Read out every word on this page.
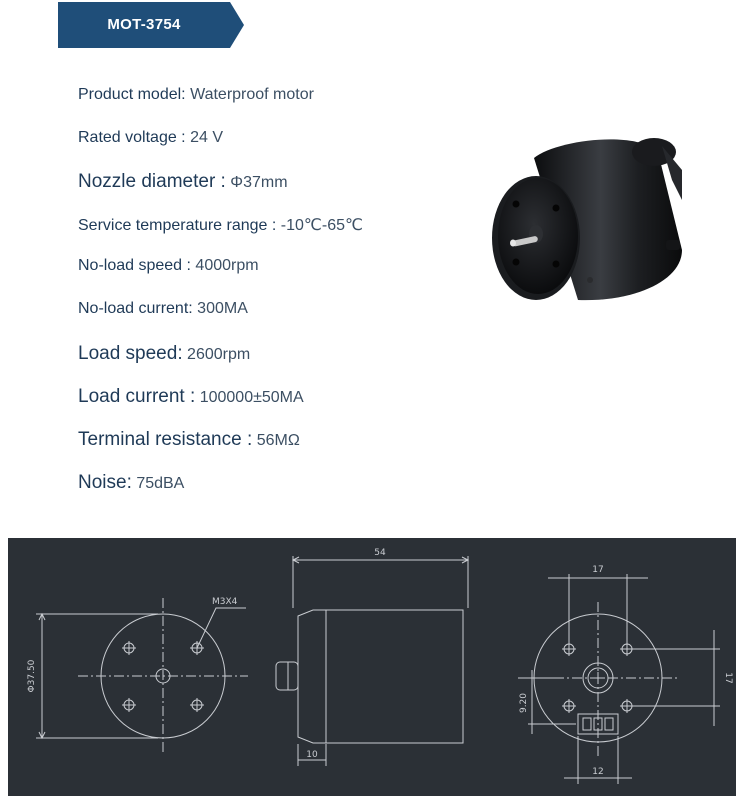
MOT-3754
Product model: Waterproof motor
Rated voltage : 24 V
Nozzle diameter : Φ37mm
Service temperature range : -10℃-65℃
No-load speed : 4000rpm
No-load current: 300MA
Load speed: 2600rpm
Load current : 100000±50MA
Terminal resistance : 56MΩ
Noise: 75dBA
M3X4
Φ37.50
54
10
17
17
9.20
12
